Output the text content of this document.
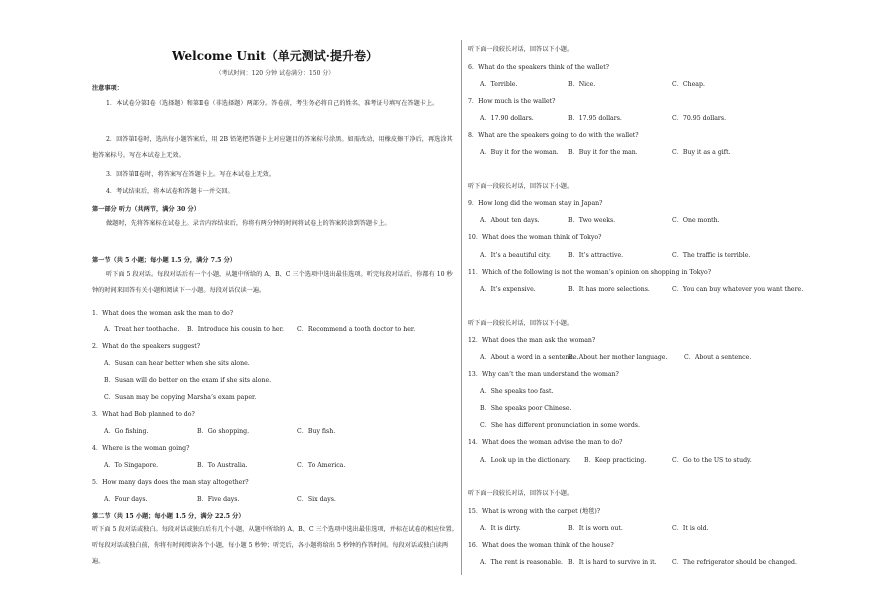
Welcome Unit（单元测试·提升卷）
（考试时间：120 分钟 试卷满分：150 分）
注意事项：
1．本试卷分第Ⅰ卷（选择题）和第Ⅱ卷（非选择题）两部分。答卷前，考生务必将自己的姓名、准考证号填写在答题卡上。
2．回答第Ⅰ卷时，选出每小题答案后，用 2B 铅笔把答题卡上对应题目的答案标号涂黑。如需改动，用橡皮擦干净后，再选涂其他答案标号。写在本试卷上无效。
3．回答第Ⅱ卷时，将答案写在答题卡上。写在本试卷上无效。
4．考试结束后，将本试卷和答题卡一并交回。
第一部分 听力（共两节，满分 30 分）
做题时，先将答案标在试卷上。录音内容结束后，你将有两分钟的时间将试卷上的答案转涂到答题卡上。
第一节（共 5 小题；每小题 1.5 分，满分 7.5 分）
听下面 5 段对话。每段对话后有一个小题，从题中所给的 A、B、C 三个选项中选出最佳选项。听完每段对话后，你都有 10 秒钟的时间来回答有关小题和阅读下一小题。每段对话仅读一遍。
1．What does the woman ask the man to do?
A．Treat her toothache. B．Introduce his cousin to her. C．Recommend a tooth doctor to her.
2．What do the speakers suggest?
A．Susan can hear better when she sits alone.
B．Susan will do better on the exam if she sits alone.
C．Susan may be copying Marsha’s exam paper.
3．What had Bob planned to do?
A．Go fishing.	B．Go shopping.	C．Buy fish.
4．Where is the woman going?
A．To Singapore.	B．To Australia.	C．To America.
5．How many days does the man stay altogether?
A．Four days.	B．Five days.	C．Six days.
第二节（共 15 小题；每小题 1.5 分，满分 22.5 分）
听下面 5 段对话或独白。每段对话或独白后有几个小题，从题中所给的 A、B、C 三个选项中选出最佳选项，并标在试卷的相应位置。听每段对话或独白前，你将有时间阅读各个小题，每小题 5 秒钟；听完后，各小题将给出 5 秒钟的作答时间。每段对话或独白读两遍。
听下面一段较长对话，回答以下小题。
6．What do the speakers think of the wallet?
A．Terrible.	B．Nice.	C．Cheap.
7．How much is the wallet?
A．17.90 dollars.	B．17.95 dollars.	C．70.95 dollars.
8．What are the speakers going to do with the wallet?
A．Buy it for the woman. B．Buy it for the man.	C．Buy it as a gift.
听下面一段较长对话，回答以下小题。
9．How long did the woman stay in Japan?
A．About ten days.	B．Two weeks.	C．One month.
10．What does the woman think of Tokyo?
A．It’s a beautiful city.	B．It’s attractive.	C．The traffic is terrible.
11．Which of the following is not the woman’s opinion on shopping in Tokyo?
A．It’s expensive.	B．It has more selections.	C．You can buy whatever you want there.
听下面一段较长对话，回答以下小题。
12．What does the man ask the woman?
A．About a word in a sentence.
B．About her mother language.	C．About a sentence.
13．Why can’t the man understand the woman?
A．She speaks too fast.
B．She speaks poor Chinese.
C．She has different pronunciation in some words.
14．What does the woman advise the man to do?
A．Look up in the dictionary. B．Keep practicing.	C．Go to the US to study.
听下面一段较长对话，回答以下小题。
15．What is wrong with the carpet (地毯)?
A．It is dirty.	B．It is worn out.	C．It is old.
16．What does the woman think of the house?
A．The rent is reasonable. B．It is hard to survive in it. C．The refrigerator should be changed.
